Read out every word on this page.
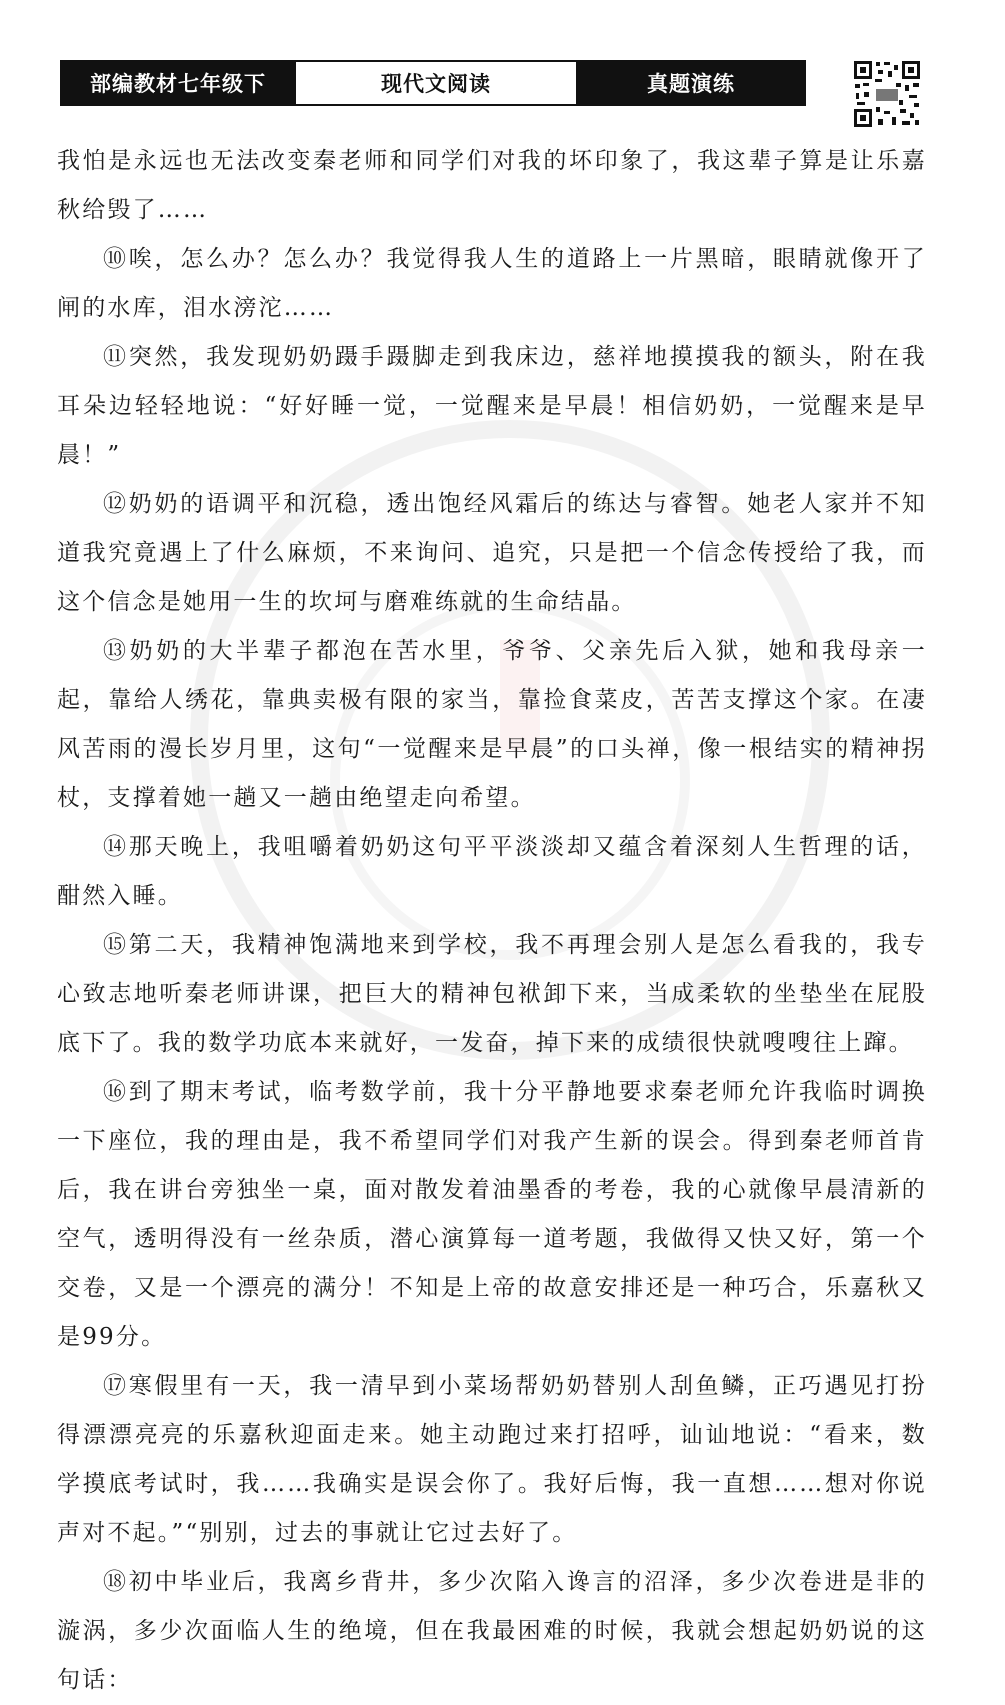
部编教材七年级下	现代文阅读	真题演练

我怕是永远也无法改变秦老师和同学们对我的坏印象了，我这辈子算是让乐嘉秋给毁了……

⑩唉，怎么办？怎么办？我觉得我人生的道路上一片黑暗，眼睛就像开了闸的水库，泪水滂沱……

⑪突然，我发现奶奶蹑手蹑脚走到我床边，慈祥地摸摸我的额头，附在我耳朵边轻轻地说：“好好睡一觉，一觉醒来是早晨！相信奶奶，一觉醒来是早晨！”

⑫奶奶的语调平和沉稳，透出饱经风霜后的练达与睿智。她老人家并不知道我究竟遇上了什么麻烦，不来询问、追究，只是把一个信念传授给了我，而这个信念是她用一生的坎坷与磨难练就的生命结晶。

⑬奶奶的大半辈子都泡在苦水里，爷爷、父亲先后入狱，她和我母亲一起，靠给人绣花，靠典卖极有限的家当，靠捡食菜皮，苦苦支撑这个家。在凄风苦雨的漫长岁月里，这句“一觉醒来是早晨”的口头禅，像一根结实的精神拐杖，支撑着她一趟又一趟由绝望走向希望。

⑭那天晚上，我咀嚼着奶奶这句平平淡淡却又蕴含着深刻人生哲理的话，酣然入睡。

⑮第二天，我精神饱满地来到学校，我不再理会别人是怎么看我的，我专心致志地听秦老师讲课，把巨大的精神包袱卸下来，当成柔软的坐垫坐在屁股底下了。我的数学功底本来就好，一发奋，掉下来的成绩很快就嗖嗖往上蹿。

⑯到了期末考试，临考数学前，我十分平静地要求秦老师允许我临时调换一下座位，我的理由是，我不希望同学们对我产生新的误会。得到秦老师首肯后，我在讲台旁独坐一桌，面对散发着油墨香的考卷，我的心就像早晨清新的空气，透明得没有一丝杂质，潜心演算每一道考题，我做得又快又好，第一个交卷，又是一个漂亮的满分！不知是上帝的故意安排还是一种巧合，乐嘉秋又是99分。

⑰寒假里有一天，我一清早到小菜场帮奶奶替别人刮鱼鳞，正巧遇见打扮得漂漂亮亮的乐嘉秋迎面走来。她主动跑过来打招呼，讪讪地说：“看来，数学摸底考试时，我……我确实是误会你了。我好后悔，我一直想……想对你说声对不起。”“别别，过去的事就让它过去好了。

⑱初中毕业后，我离乡背井，多少次陷入谗言的沼泽，多少次卷进是非的漩涡，多少次面临人生的绝境，但在我最困难的时候，我就会想起奶奶说的这句话：
